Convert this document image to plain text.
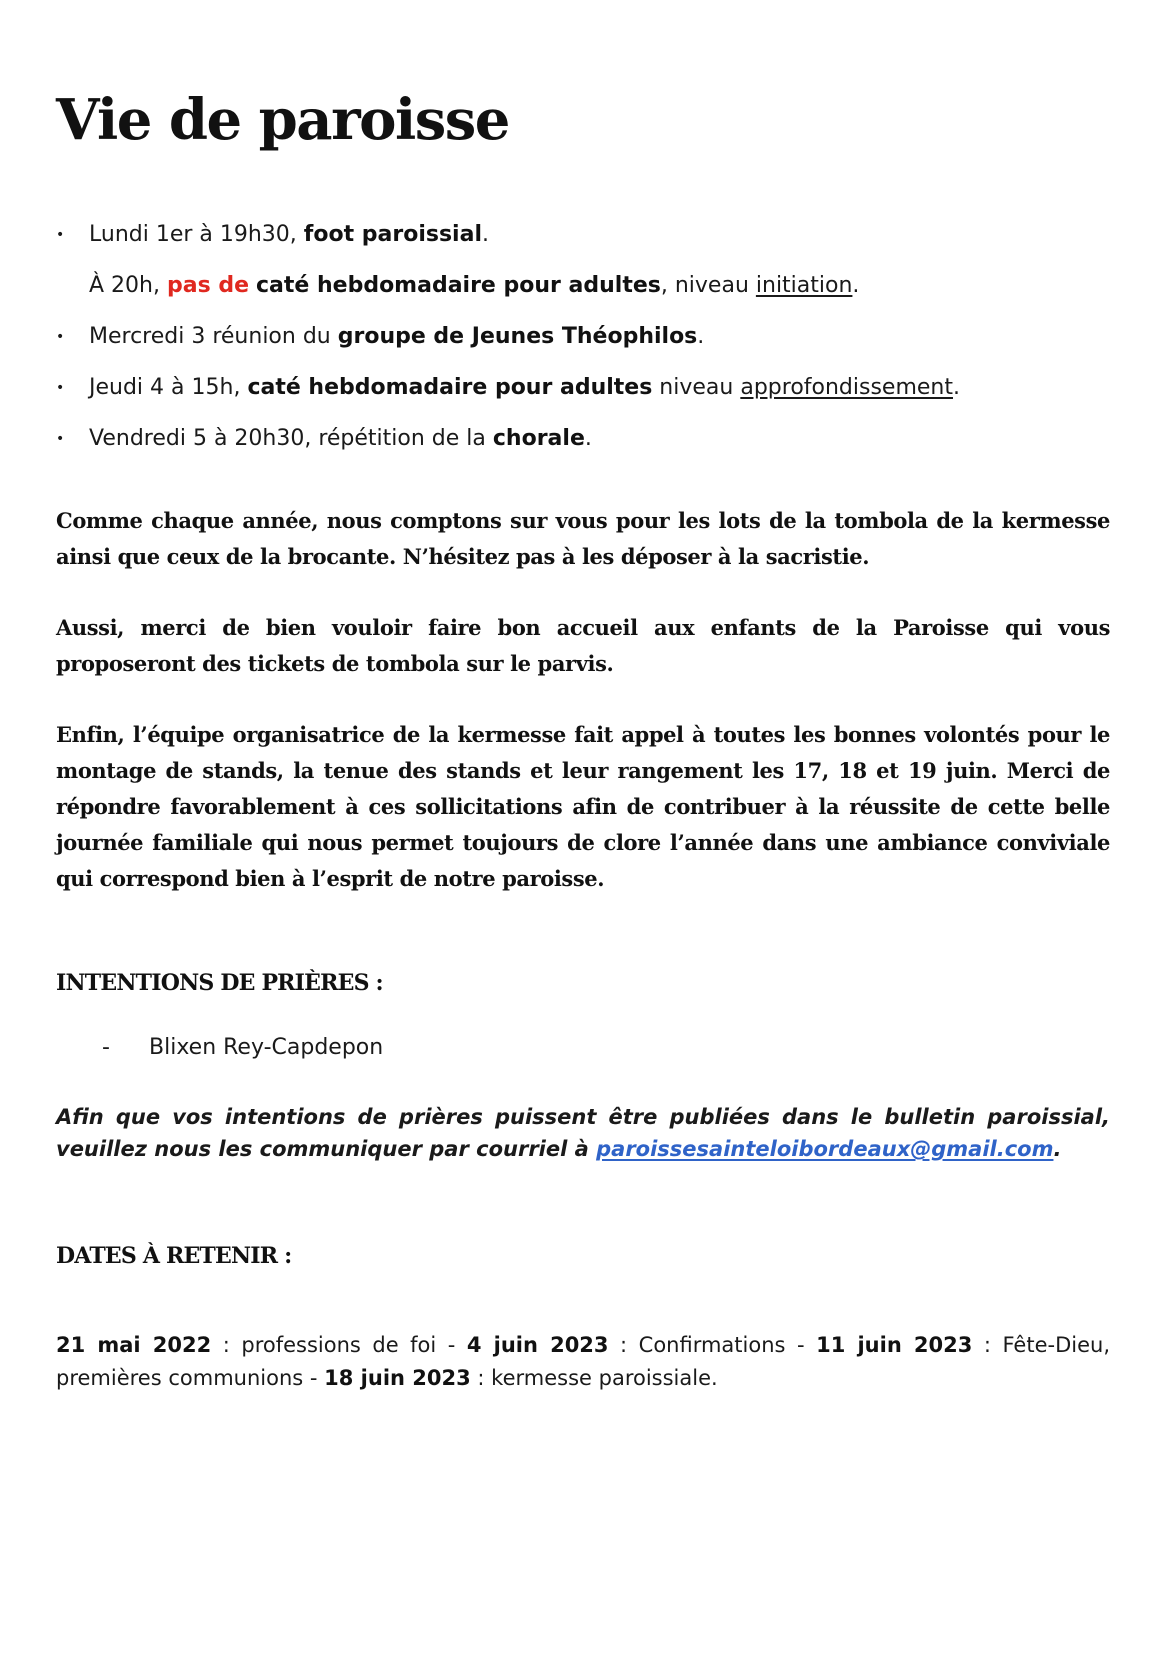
Vie de paroisse
• Lundi 1er à 19h30, foot paroissial.
À 20h, pas de caté hebdomadaire pour adultes, niveau initiation.
• Mercredi 3 réunion du groupe de Jeunes Théophilos.
• Jeudi 4 à 15h, caté hebdomadaire pour adultes niveau approfondissement.
• Vendredi 5 à 20h30, répétition de la chorale.

Comme chaque année, nous comptons sur vous pour les lots de la tombola de la kermesse ainsi que ceux de la brocante. N’hésitez pas à les déposer à la sacristie.

Aussi, merci de bien vouloir faire bon accueil aux enfants de la Paroisse qui vous proposeront des tickets de tombola sur le parvis.

Enfin, l’équipe organisatrice de la kermesse fait appel à toutes les bonnes volontés pour le montage de stands, la tenue des stands et leur rangement les 17, 18 et 19 juin. Merci de répondre favorablement à ces sollicitations afin de contribuer à la réussite de cette belle journée familiale qui nous permet toujours de clore l’année dans une ambiance conviviale qui correspond bien à l’esprit de notre paroisse.

INTENTIONS DE PRIÈRES :
- Blixen Rey-Capdepon

Afin que vos intentions de prières puissent être publiées dans le bulletin paroissial, veuillez nous les communiquer par courriel à paroissesainteloibordeaux@gmail.com.

DATES À RETENIR :

21 mai 2022 : professions de foi - 4 juin 2023 : Confirmations - 11 juin 2023 : Fête-Dieu, premières communions - 18 juin 2023 : kermesse paroissiale.
